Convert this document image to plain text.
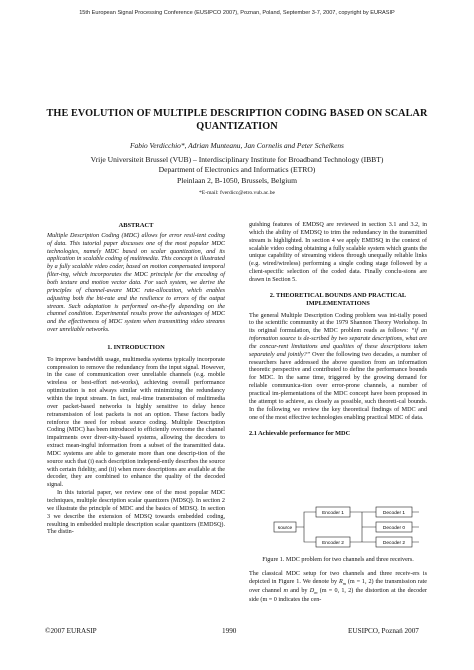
15th European Signal Processing Conference (EUSIPCO 2007), Poznan, Poland, September 3-7, 2007, copyright by EURASIP
THE EVOLUTION OF MULTIPLE DESCRIPTION CODING BASED ON SCALAR
QUANTIZATION
Fabio Verdicchio*, Adrian Munteanu, Jan Cornelis and Peter Schelkens
Vrije Universiteit Brussel (VUB) – Interdisciplinary Institute for Broadband Technology (IBBT)
Department of Electronics and Informatics (ETRO)
Pleinlaan 2, B-1050, Brussels, Belgium
*E-mail: fverdicc@etro.vub.ac.be
ABSTRACT

Multiple Description Coding (MDC) allows for error resil-ient coding of data. This tutorial paper discusses one of the most popular MDC technologies, namely MDC based on scalar quantization, and its application in scalable coding of multimedia. This concept is illustrated by a fully scalable video coder, based on motion compensated temporal filter-ing, which incorporates the MDC principle for the encoding of both texture and motion vector data. For such system, we derive the principles of channel-aware MDC rate-allocation, which enables adjusting both the bit-rate and the resilience to errors of the output stream. Such adaptation is performed on-the-fly depending on the channel condition. Experimental results prove the advantages of MDC and the effectiveness of MDC system when transmitting video streams over unreliable networks.

1. INTRODUCTION

To improve bandwidth usage, multimedia systems typically incorporate compression to remove the redundancy from the input signal. However, in the case of communication over unreliable channels (e.g. mobile wireless or best-effort net-works), achieving overall performance optimization is not always similar with minimizing the redundancy within the input stream. In fact, real-time transmission of multimedia over packet-based networks is highly sensitive to delay hence retransmission of lost packets is not an option. These factors badly reinforce the need for robust source coding. Multiple Description Coding (MDC) has been introduced to efficiently overcome the channel impairments over diver-sity-based systems, allowing the decoders to extract mean-ingful information from a subset of the transmitted data. MDC systems are able to generate more than one descrip-tion of the source such that (i) each description independ-ently describes the source with certain fidelity, and (ii) when more descriptions are available at the decoder, they are combined to enhance the quality of the decoded signal.

In this tutorial paper, we review one of the most popular MDC techniques, multiple description scalar quantizers (MDSQ). In section 2 we illustrate the principle of MDC and the basics of MDSQ. In section 3 we describe the extension of MDSQ towards embedded coding, resulting in embedded multiple description scalar quantizers (EMDSQ). The distin-

guishing features of EMDSQ are reviewed in section 3.1 and 3.2, in which the ability of EMDSQ to trim the redundancy in the transmitted stream is highlighted. In section 4 we apply EMDSQ in the context of scalable video coding obtaining a fully scalable system which grants the unique capability of streaming videos through unequally reliable links (e.g. wired/wireless) performing a single coding stage followed by a client-specific selection of the coded data. Finally conclu-sions are drawn in Section 5.

2. THEORETICAL BOUNDS AND PRACTICAL
IMPLEMENTATIONS

The general Multiple Description Coding problem was ini-tially posed to the scientific community at the 1979 Shannon Theory Workshop. In its original formulation, the MDC problem reads as follows: “if an information source is de-scribed by two separate descriptions, what are the concur-rent limitations and qualities of these descriptions taken separately and jointly?” Over the following two decades, a number of researchers have addressed the above question from an information theoretic perspective and contributed to define the performance bounds for MDC. In the same time, triggered by the growing demand for reliable communica-tion over error-prone channels, a number of practical im-plementations of the MDC concept have been proposed in the attempt to achieve, as closely as possible, such theoreti-cal bounds. In the following we review the key theoretical findings of MDC and one of the most effective technologies enabling practical MDC of data.

2.1 Achievable performance for MDC
source
Encoder 1
Encoder 2
Decoder 1
Decoder 0
Decoder 2
Figure 1. MDC problem for two channels and three receivers.

The classical MDC setup for two channels and three receiv-ers is depicted in Figure 1. We denote by $R_m$ (m = 1, 2) the transmission rate over channel m and by $D_m$ (m = 0, 1, 2) the distortion at the decoder side (m = 0 indicates the cen-

©2007 EURASIP	1990	EUSIPCO, Poznań 2007
